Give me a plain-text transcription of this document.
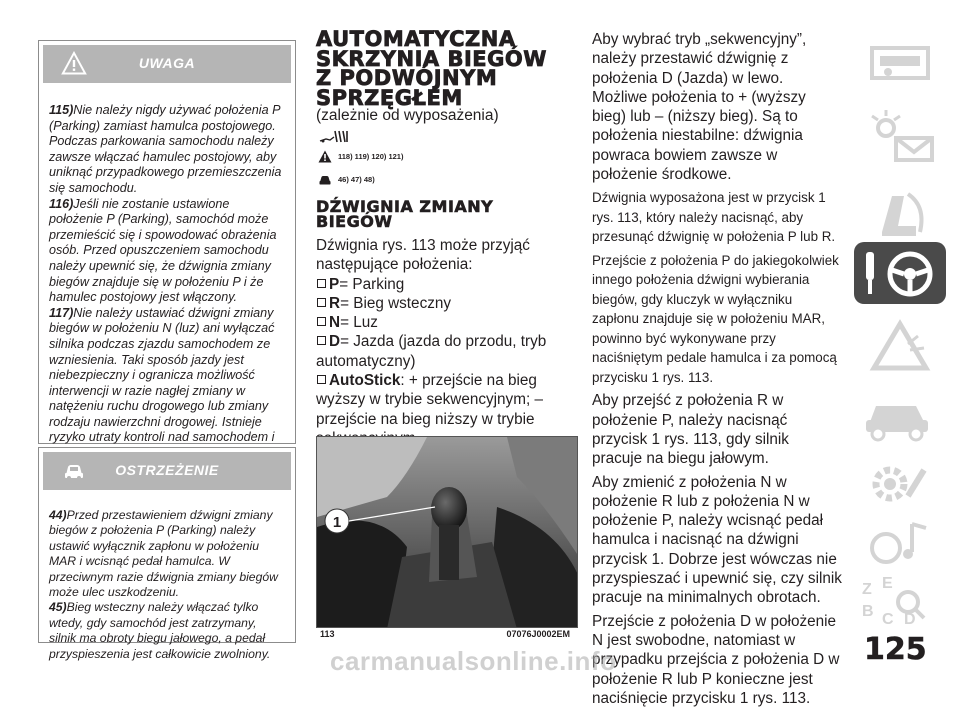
UWAGA

115)Nie należy nigdy używać położenia P (Parking) zamiast hamulca postojowego. Podczas parkowania samochodu należy zawsze włączać hamulec postojowy, aby uniknąć przypadkowego przemieszczenia się samochodu.

116)Jeśli nie zostanie ustawione położenie P (Parking), samochód może przemieścić się i spowodować obrażenia osób. Przed opuszczeniem samochodu należy upewnić się, że dźwignia zmiany biegów znajduje się w położeniu P i że hamulec postojowy jest włączony.

117)Nie należy ustawiać dźwigni zmiany biegów w położeniu N (luz) ani wyłączać silnika podczas zjazdu samochodem ze wzniesienia. Taki sposób jazdy jest niebezpieczny i ogranicza możliwość interwencji w razie nagłej zmiany w natężeniu ruchu drogowego lub zmiany rodzaju nawierzchni drogowej. Istnieje ryzyko utraty kontroli nad samochodem i

OSTRZEŻENIE

44)Przed przestawieniem dźwigni zmiany biegów z położenia P (Parking) należy ustawić wyłącznik zapłonu w położeniu MAR i wcisnąć pedał hamulca. W przeciwnym razie dźwignia zmiany biegów może ulec uszkodzeniu.

45)Bieg wsteczny należy włączać tylko wtedy, gdy samochód jest zatrzymany, silnik ma obroty biegu jałowego, a pedał przyspieszenia jest całkowicie zwolniony.

AUTOMATYCZNA
SKRZYNIA BIEGÓW
Z PODWÓJNYM
SPRZĘGŁEM
(zależnie od wyposażenia)
118) 119) 120) 121)
46) 47) 48)
DŹWIGNIA ZMIANY
BIEGÓW

Dźwignia rys. 113 może przyjąć następujące położenia:

P= Parking
R= Bieg wsteczny
N= Luz
D= Jazda (jazda do przodu, tryb automatyczny)
AutoStick: + przejście na bieg wyższy w trybie sekwencyjnym; – przejście na bieg niższy w trybie
1
113	07076J0002EM

Aby wybrać tryb „sekwencyjny”, należy przestawić dźwignię z położenia D (Jazda) w lewo. Możliwe położenia to + (wyższy bieg) lub – (niższy bieg). Są to położenia niestabilne: dźwignia powraca bowiem zawsze w położenie środkowe.

Dźwignia wyposażona jest w przycisk 1 rys. 113, który należy nacisnąć, aby przesunąć dźwignię w położenia P lub R.

Przejście z położenia P do jakiegokolwiek innego położenia dźwigni wybierania biegów, gdy kluczyk w wyłączniku zapłonu znajduje się w położeniu MAR, powinno być wykonywane przy naciśniętym pedale hamulca i za pomocą przycisku 1 rys. 113.

Aby przejść z położenia R w położenie P, należy nacisnąć przycisk 1 rys. 113, gdy silnik pracuje na biegu jałowym.

Aby zmienić z położenia N w położenie R lub z położenia N w położenie P, należy wcisnąć pedał hamulca i nacisnąć na dźwigni przycisk 1. Dobrze jest wówczas nie przyspieszać i upewnić się, czy silnik pracuje na minimalnych obrotach.

Przejście z położenia D w położenie N jest swobodne, natomiast w przypadku przejścia z położenia D w położenie R lub P konieczne jest naciśnięcie przycisku 1 rys. 113.

Z E
B C D
125
carmanualsonline.info
